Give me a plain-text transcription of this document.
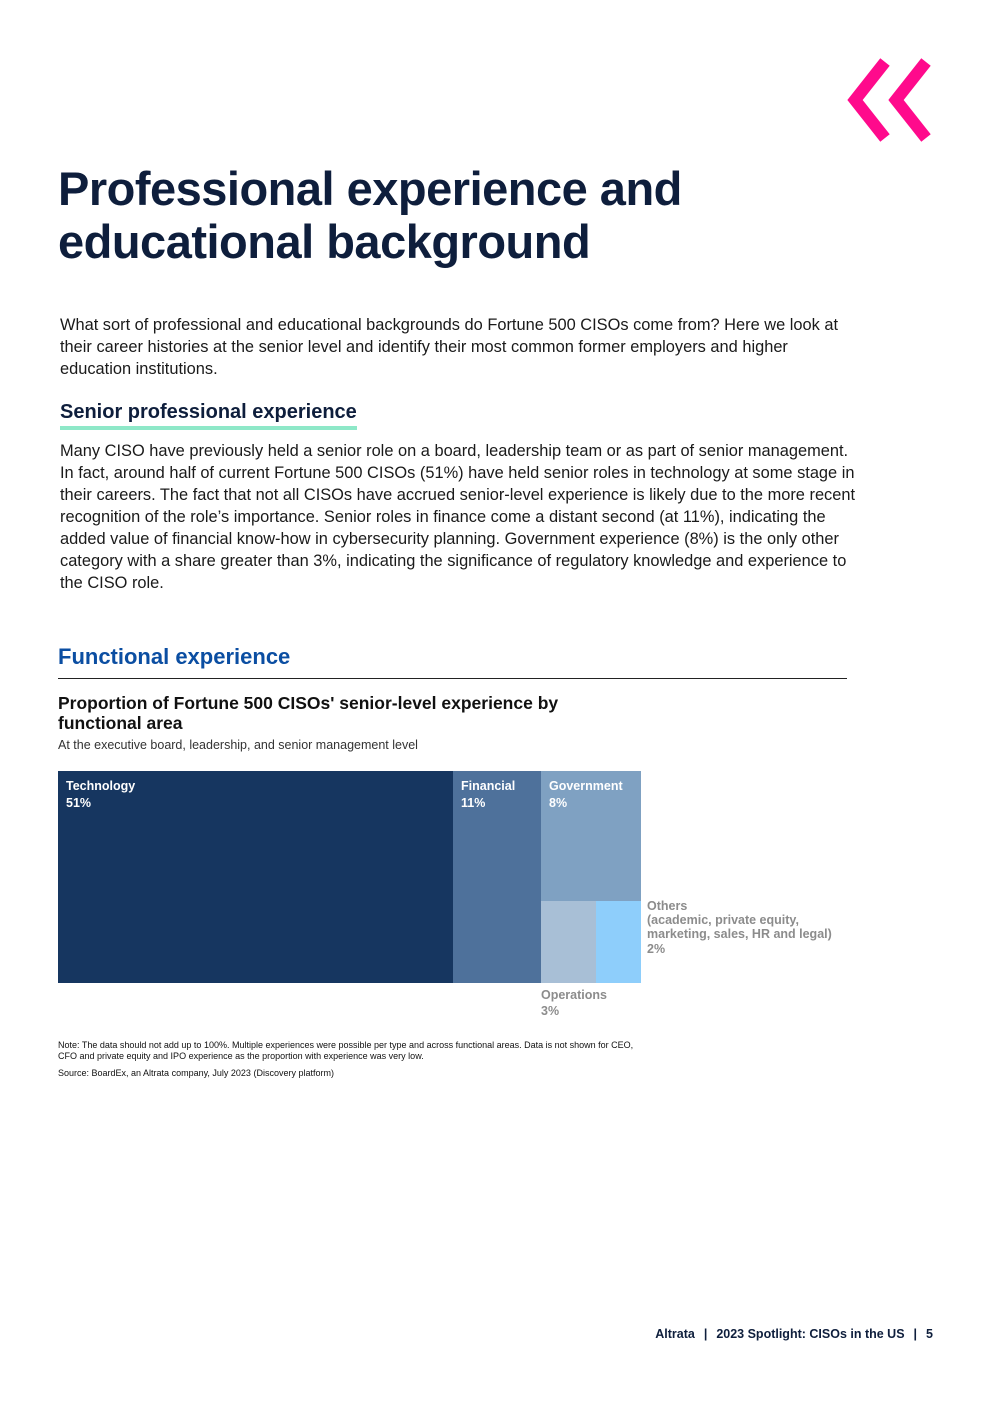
Professional experience and educational background

What sort of professional and educational backgrounds do Fortune 500 CISOs come from? Here we look at their career histories at the senior level and identify their most common former employers and higher education institutions.

Senior professional experience

Many CISO have previously held a senior role on a board, leadership team or as part of senior management. In fact, around half of current Fortune 500 CISOs (51%) have held senior roles in technology at some stage in their careers. The fact that not all CISOs have accrued senior-level experience is likely due to the more recent recognition of the role’s importance. Senior roles in finance come a distant second (at 11%), indicating the added value of financial know-how in cybersecurity planning. Government experience (8%) is the only other category with a share greater than 3%, indicating the significance of regulatory knowledge and experience to the CISO role.

Functional experience
Proportion of Fortune 500 CISOs' senior-level experience by functional area

At the executive board, leadership, and senior management level

Technology
51%
Financial
11%
Government
8%
Others
(academic, private equity, marketing, sales, HR and legal)
2%
Operations
3%

Note: The data should not add up to 100%. Multiple experiences were possible per type and across functional areas. Data is not shown for CEO, CFO and private equity and IPO experience as the proportion with experience was very low.

Source: BoardEx, an Altrata company, July 2023 (Discovery platform)

Altrata | 2023 Spotlight: CISOs in the US | 5
